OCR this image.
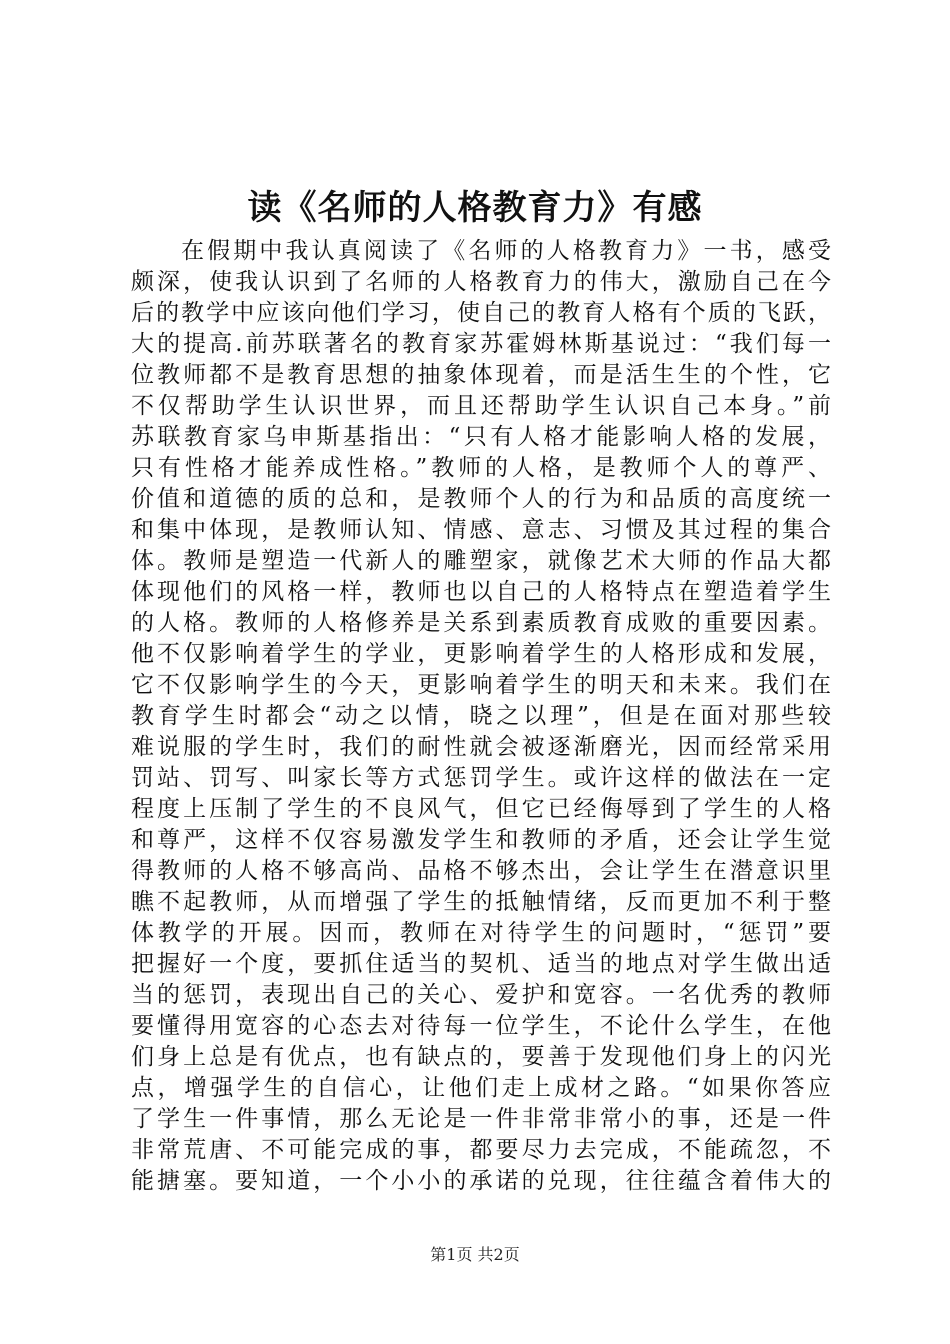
读《名师的人格教育力》有感
在假期中我认真阅读了《名师的人格教育力》一书，感受
颇深，使我认识到了名师的人格教育力的伟大，激励自己在今
后的教学中应该向他们学习，使自己的教育人格有个质的飞跃，
大的提高.前苏联著名的教育家苏霍姆林斯基说过：“我们每一
位教师都不是教育思想的抽象体现着，而是活生生的个性，它
不仅帮助学生认识世界，而且还帮助学生认识自己本身。”前
苏联教育家乌申斯基指出：“只有人格才能影响人格的发展，
只有性格才能养成性格。”教师的人格，是教师个人的尊严、
价值和道德的质的总和，是教师个人的行为和品质的高度统一
和集中体现，是教师认知、情感、意志、习惯及其过程的集合
体。教师是塑造一代新人的雕塑家，就像艺术大师的作品大都
体现他们的风格一样，教师也以自己的人格特点在塑造着学生
的人格。教师的人格修养是关系到素质教育成败的重要因素。
他不仅影响着学生的学业，更影响着学生的人格形成和发展，
它不仅影响学生的今天，更影响着学生的明天和未来。我们在
教育学生时都会“动之以情，晓之以理”，但是在面对那些较
难说服的学生时，我们的耐性就会被逐渐磨光，因而经常采用
罚站、罚写、叫家长等方式惩罚学生。或许这样的做法在一定
程度上压制了学生的不良风气，但它已经侮辱到了学生的人格
和尊严，这样不仅容易激发学生和教师的矛盾，还会让学生觉
得教师的人格不够高尚、品格不够杰出，会让学生在潜意识里
瞧不起教师，从而增强了学生的抵触情绪，反而更加不利于整
体教学的开展。因而，教师在对待学生的问题时，“惩罚”要
把握好一个度，要抓住适当的契机、适当的地点对学生做出适
当的惩罚，表现出自己的关心、爱护和宽容。一名优秀的教师
要懂得用宽容的心态去对待每一位学生，不论什么学生，在他
们身上总是有优点，也有缺点的，要善于发现他们身上的闪光
点，增强学生的自信心，让他们走上成材之路。“如果你答应
了学生一件事情，那么无论是一件非常非常小的事，还是一件
非常荒唐、不可能完成的事，都要尽力去完成，不能疏忽，不
能搪塞。要知道，一个小小的承诺的兑现，往往蕴含着伟大的
第1页 共2页
